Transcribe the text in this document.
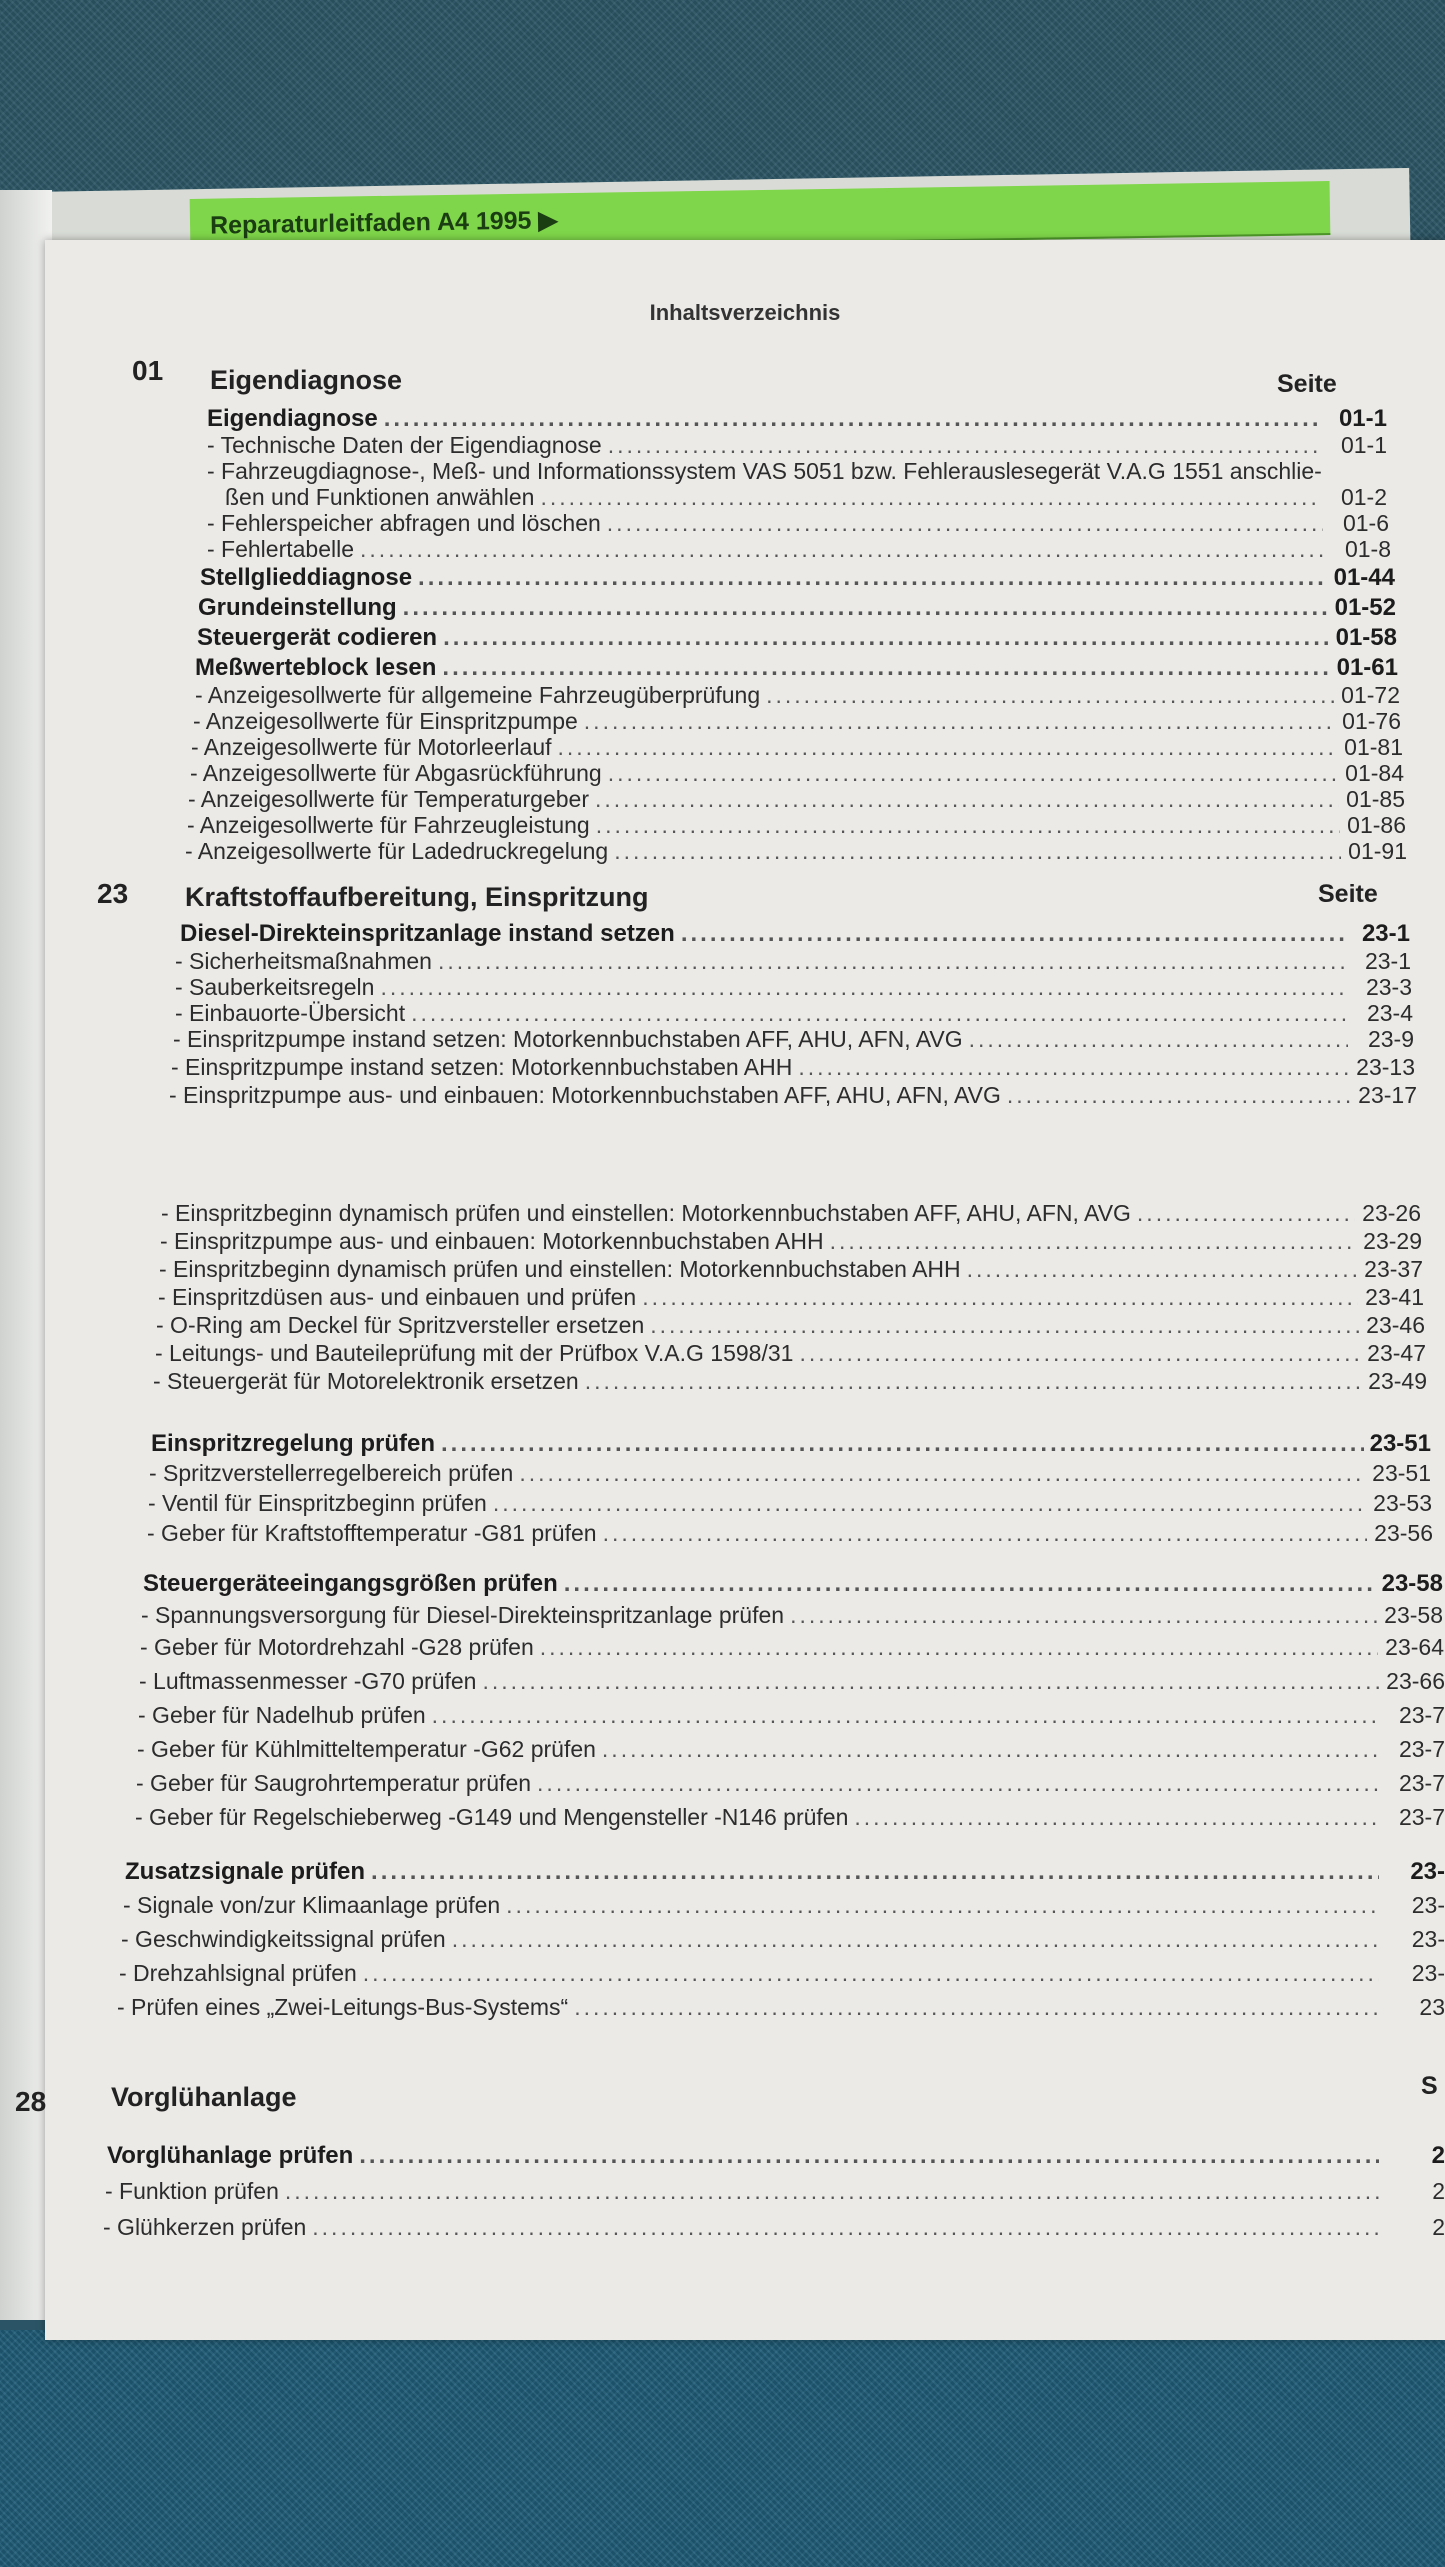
Reparaturleitfaden A4 1995 ▶
Inhaltsverzeichnis
01 Eigendiagnose	Seite
Eigendiagnose .....	01-1
- Technische Daten der Eigendiagnose .....	01-1
- Fahrzeugdiagnose-, Meß- und Informationssystem VAS 5051 bzw. Fehlerauslesegerät V.A.G 1551 anschlie-
ßen und Funktionen anwählen .....	01-2
- Fehlerspeicher abfragen und löschen .....	01-6
- Fehlertabelle .....	01-8
Stellglieddiagnose .....	01-44
Grundeinstellung .....	01-52
Steuergerät codieren .....	01-58
Meßwerteblock lesen .....	01-61
- Anzeigesollwerte für allgemeine Fahrzeugüberprüfung .....	01-72
- Anzeigesollwerte für Einspritzpumpe .....	01-76
- Anzeigesollwerte für Motorleerlauf .....	01-81
- Anzeigesollwerte für Abgasrückführung .....	01-84
- Anzeigesollwerte für Temperaturgeber .....	01-85
- Anzeigesollwerte für Fahrzeugleistung .....	01-86
- Anzeigesollwerte für Ladedruckregelung .....	01-91
23 Kraftstoffaufbereitung, Einspritzung	Seite
Diesel-Direkteinspritzanlage instand setzen .....	23-1
- Sicherheitsmaßnahmen .....	23-1
- Sauberkeitsregeln .....	23-3
- Einbauorte-Übersicht .....	23-4
- Einspritzpumpe instand setzen: Motorkennbuchstaben AFF, AHU, AFN, AVG .....	23-9
- Einspritzpumpe instand setzen: Motorkennbuchstaben AHH .....	23-13
- Einspritzpumpe aus- und einbauen: Motorkennbuchstaben AFF, AHU, AFN, AVG .....	23-17
- Einspritzbeginn dynamisch prüfen und einstellen: Motorkennbuchstaben AFF, AHU, AFN, AVG .....	23-26
- Einspritzpumpe aus- und einbauen: Motorkennbuchstaben AHH .....	23-29
- Einspritzbeginn dynamisch prüfen und einstellen: Motorkennbuchstaben AHH .....	23-37
- Einspritzdüsen aus- und einbauen und prüfen .....	23-41
- O-Ring am Deckel für Spritzversteller ersetzen .....	23-46
- Leitungs- und Bauteileprüfung mit der Prüfbox V.A.G 1598/31 .....	23-47
- Steuergerät für Motorelektronik ersetzen .....	23-49
Einspritzregelung prüfen .....	23-51
- Spritzverstellerregelbereich prüfen .....	23-51
- Ventil für Einspritzbeginn prüfen .....	23-53
- Geber für Kraftstofftemperatur -G81 prüfen .....	23-56
Steuergeräteeingangsgrößen prüfen .....	23-58
- Spannungsversorgung für Diesel-Direkteinspritzanlage prüfen .....	23-58
- Geber für Motordrehzahl -G28 prüfen .....	23-64
- Luftmassenmesser -G70 prüfen .....	23-66
- Geber für Nadelhub prüfen .....	23-7
- Geber für Kühlmitteltemperatur -G62 prüfen .....	23-7
- Geber für Saugrohrtemperatur prüfen .....	23-7
- Geber für Regelschieberweg -G149 und Mengensteller -N146 prüfen .....	23-7
Zusatzsignale prüfen .....	23-
- Signale von/zur Klimaanlage prüfen .....	23-
- Geschwindigkeitssignal prüfen .....	23-
- Drehzahlsignal prüfen .....	23-
- Prüfen eines „Zwei-Leitungs-Bus-Systems“ .....	23
28 Vorglühanlage	S
Vorglühanlage prüfen .....	2
- Funktion prüfen .....	2
- Glühkerzen prüfen .....	2
